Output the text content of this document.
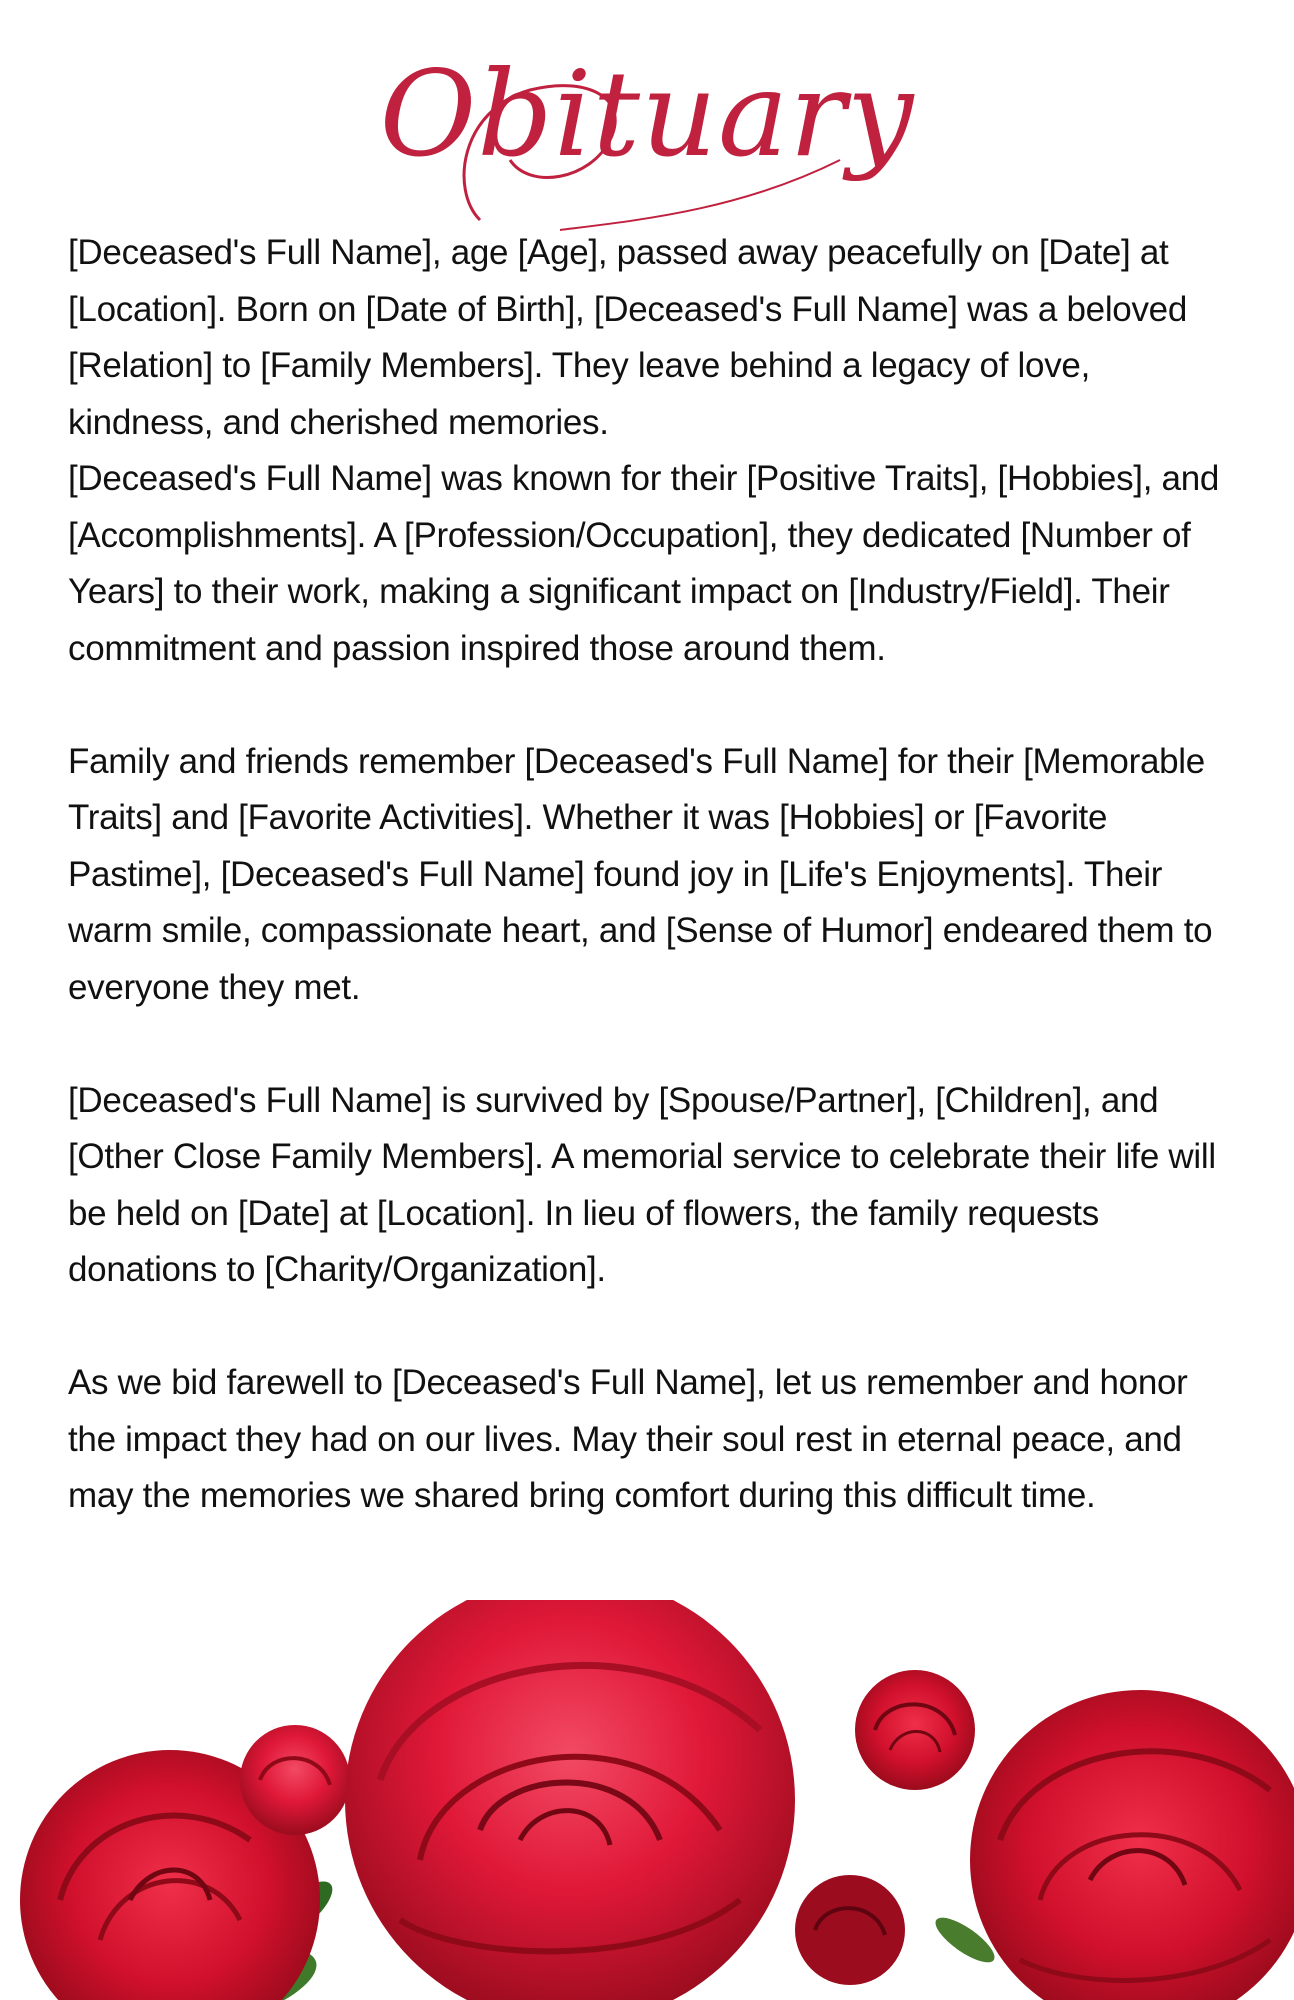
Obituary

[Deceased's Full Name], age [Age], passed away peacefully on [Date] at [Location]. Born on [Date of Birth], [Deceased's Full Name] was a beloved [Relation] to [Family Members]. They leave behind a legacy of love, kindness, and cherished memories.

[Deceased's Full Name] was known for their [Positive Traits], [Hobbies], and [Accomplishments]. A [Profession/Occupation], they dedicated [Number of Years] to their work, making a significant impact on [Industry/Field]. Their commitment and passion inspired those around them.

Family and friends remember [Deceased's Full Name] for their [Memorable Traits] and [Favorite Activities]. Whether it was [Hobbies] or [Favorite Pastime], [Deceased's Full Name] found joy in [Life's Enjoyments]. Their warm smile, compassionate heart, and [Sense of Humor] endeared them to everyone they met.

[Deceased's Full Name] is survived by [Spouse/Partner], [Children], and [Other Close Family Members]. A memorial service to celebrate their life will be held on [Date] at [Location]. In lieu of flowers, the family requests donations to [Charity/Organization].

As we bid farewell to [Deceased's Full Name], let us remember and honor the impact they had on our lives. May their soul rest in eternal peace, and may the memories we shared bring comfort during this difficult time.
